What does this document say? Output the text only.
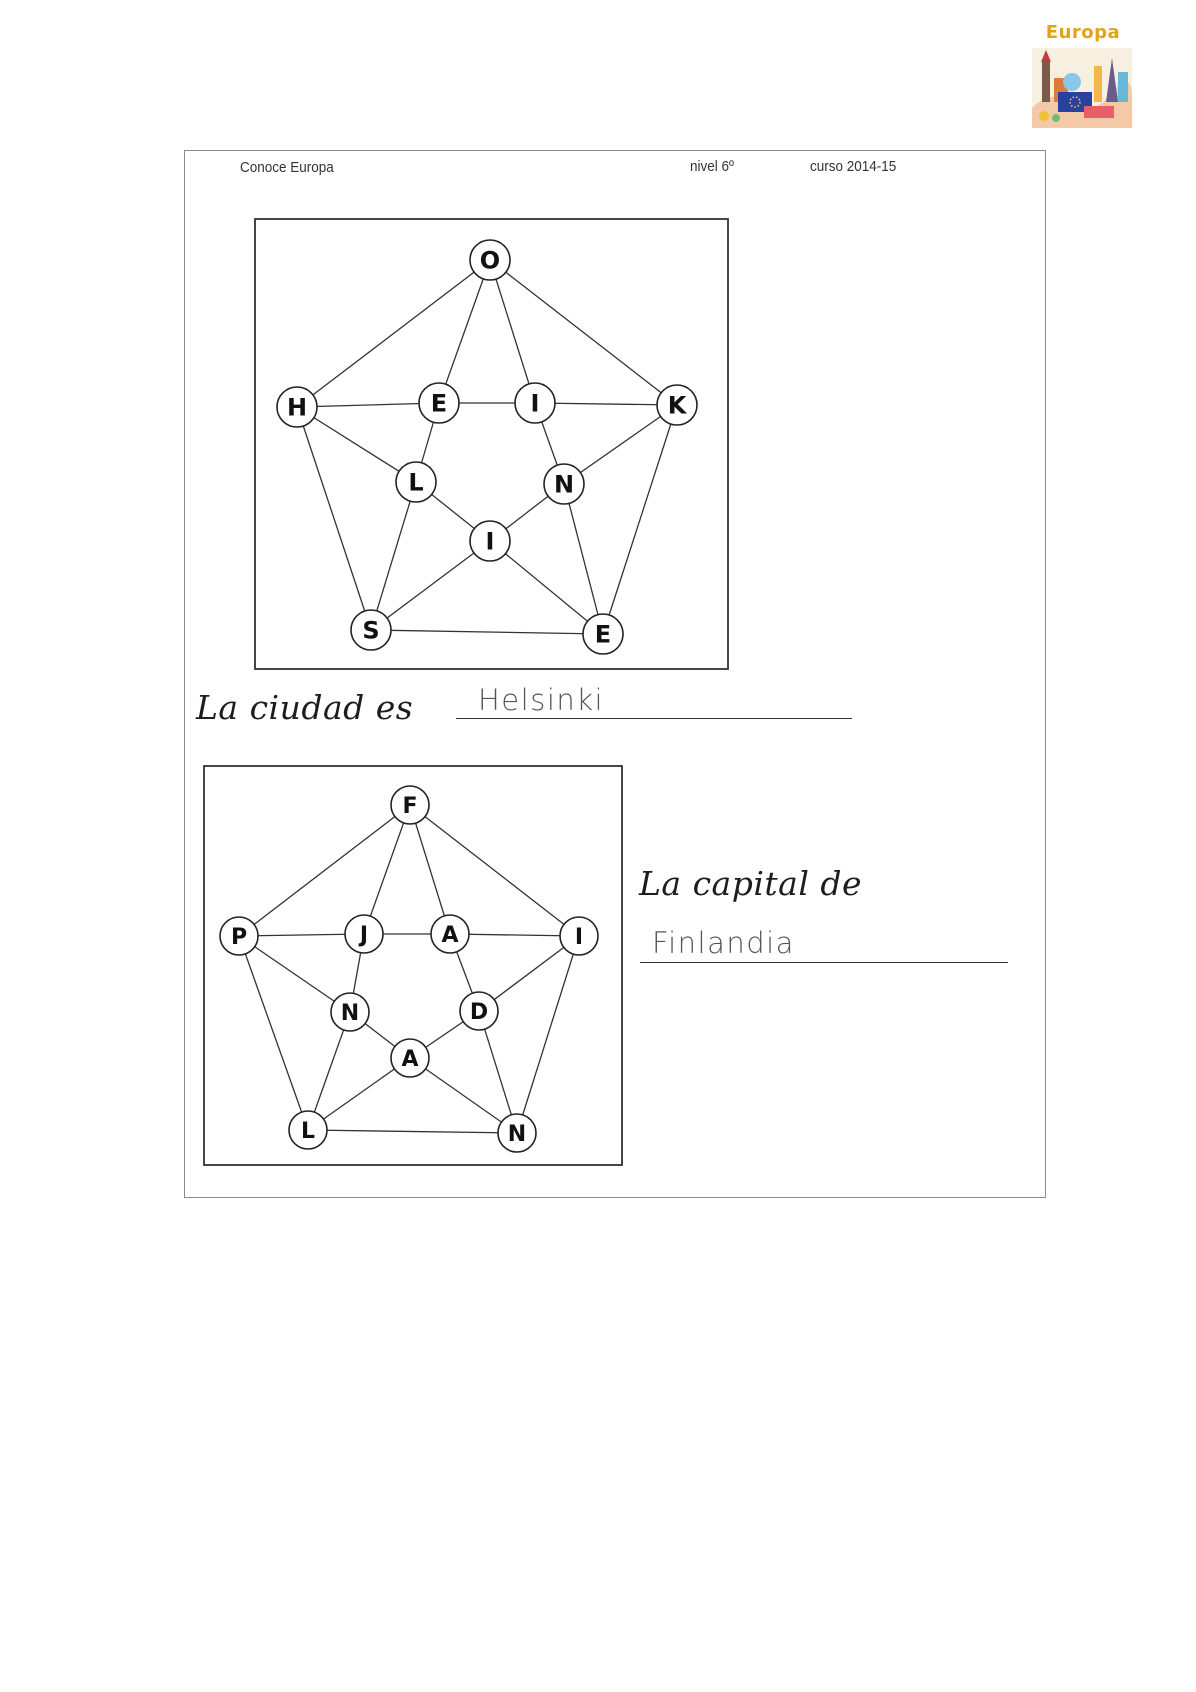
Europa
Conoce Europa	nivel 6º	curso 2014-15
O
H	E	I	K
L	N
I
S	E
La ciudad es Helsinki
F
P	J	A	I
N	D
A
L	N
La capital de
Finlandia
